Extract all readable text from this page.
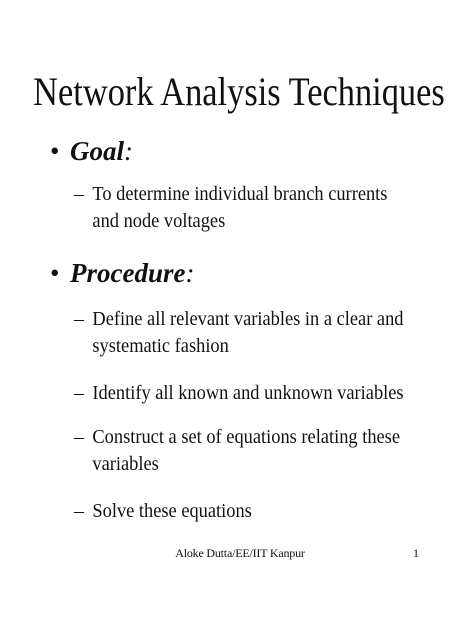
Network Analysis Techniques
• Goal:
– To determine individual branch currents and node voltages
• Procedure:
– Define all relevant variables in a clear and systematic fashion
– Identify all known and unknown variables
– Construct a set of equations relating these variables
– Solve these equations
Aloke Dutta/EE/IIT Kanpur	1
